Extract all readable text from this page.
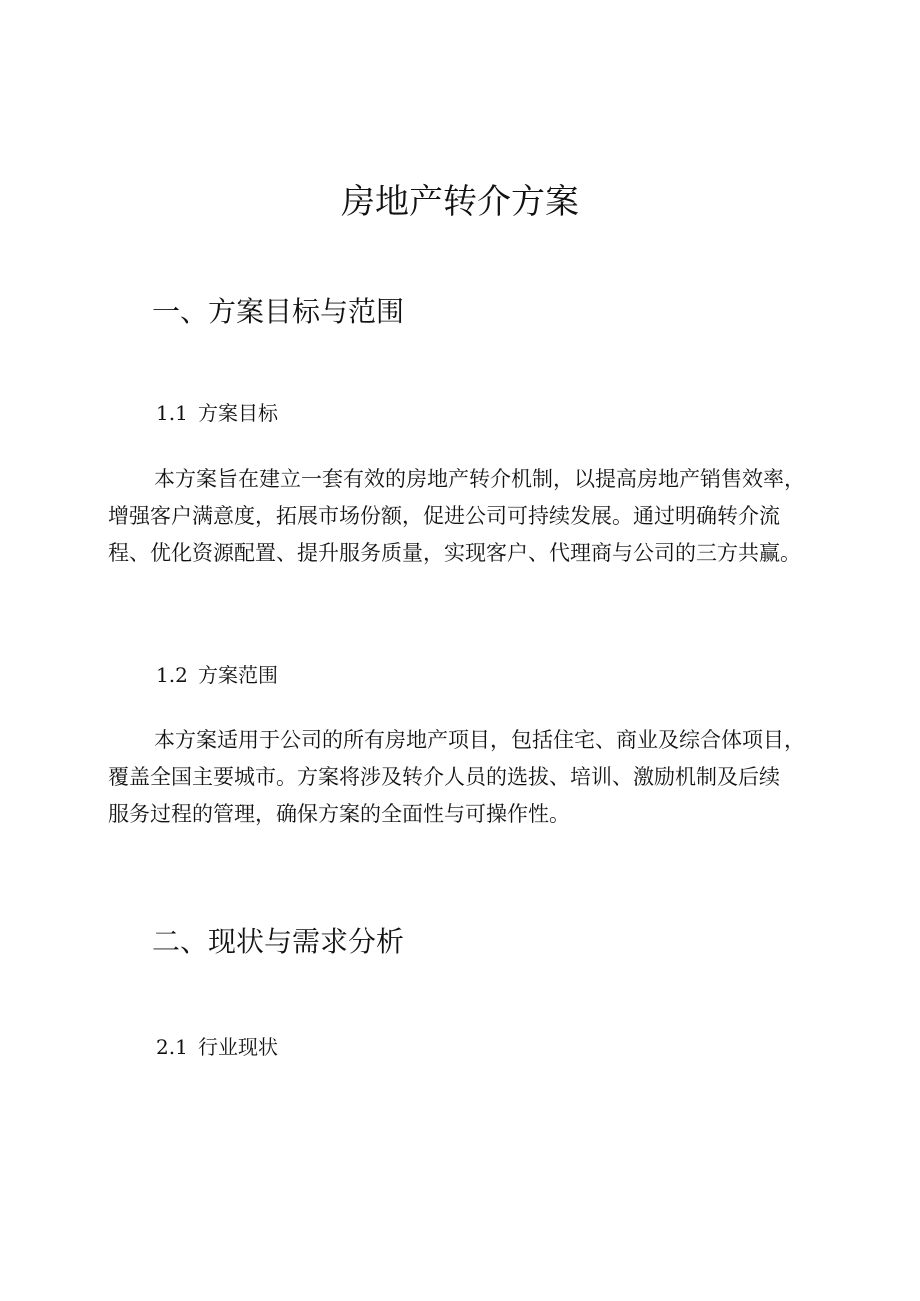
房地产转介方案
一、方案目标与范围
1.1 方案目标
本方案旨在建立一套有效的房地产转介机制，以提高房地产销售效率，
增强客户满意度，拓展市场份额，促进公司可持续发展。通过明确转介流
程、优化资源配置、提升服务质量，实现客户、代理商与公司的三方共赢。
1.2 方案范围
本方案适用于公司的所有房地产项目，包括住宅、商业及综合体项目，
覆盖全国主要城市。方案将涉及转介人员的选拔、培训、激励机制及后续
服务过程的管理，确保方案的全面性与可操作性。
二、现状与需求分析
2.1 行业现状
